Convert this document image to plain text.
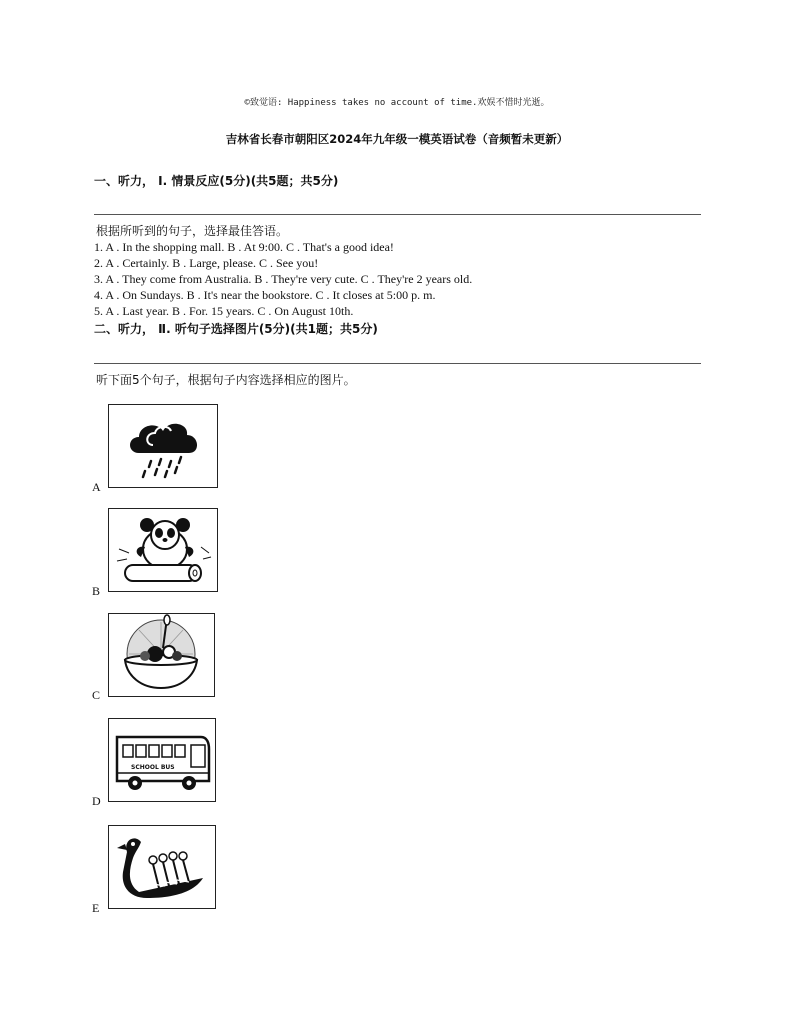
©致觉语: Happiness takes no account of time.欢娱不惜时光逝。
吉林省长春市朝阳区2024年九年级一模英语试卷（音频暂未更新）
一、听力， Ⅰ. 情景反应(5分)(共5题；共5分)
根据所听到的句子，选择最佳答语。
1. A . In the shopping mall. B . At 9:00. C . That's a good idea!
2. A . Certainly. B . Large, please. C . See you!
3. A . They come from Australia. B . They're very cute. C . They're 2 years old.
4. A . On Sundays. B . It's near the bookstore. C . It closes at 5:00 p. m.
5. A . Last year. B . For. 15 years. C . On August 10th.
二、听力， Ⅱ. 听句子选择图片(5分)(共1题；共5分)
听下面5个句子，根据句子内容选择相应的图片。
A
B
C
SCHOOL BUS
D
E
